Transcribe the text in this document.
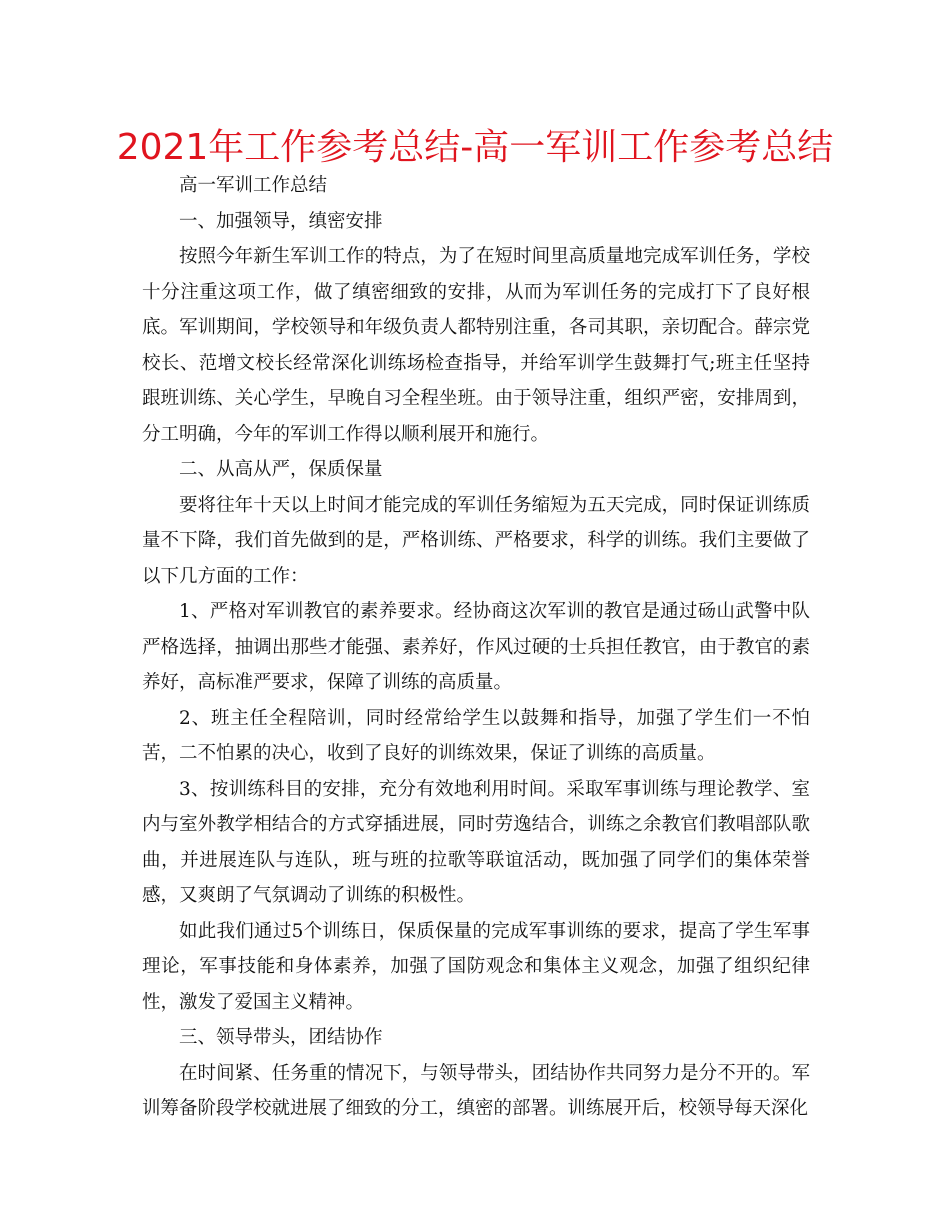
2021年工作参考总结-高一军训工作参考总结

高一军训工作总结

一、加强领导，缜密安排

按照今年新生军训工作的特点，为了在短时间里高质量地完成军训任务，学校十分注重这项工作，做了缜密细致的安排，从而为军训任务的完成打下了良好根底。军训期间，学校领导和年级负责人都特别注重，各司其职，亲切配合。薛宗党校长、范增文校长经常深化训练场检查指导，并给军训学生鼓舞打气;班主任坚持跟班训练、关心学生，早晚自习全程坐班。由于领导注重，组织严密，安排周到，分工明确，今年的军训工作得以顺利展开和施行。

二、从高从严，保质保量

要将往年十天以上时间才能完成的军训任务缩短为五天完成，同时保证训练质量不下降，我们首先做到的是，严格训练、严格要求，科学的训练。我们主要做了以下几方面的工作：

1、严格对军训教官的素养要求。经协商这次军训的教官是通过砀山武警中队严格选择，抽调出那些才能强、素养好，作风过硬的士兵担任教官，由于教官的素养好，高标准严要求，保障了训练的高质量。

2、班主任全程陪训，同时经常给学生以鼓舞和指导，加强了学生们一不怕苦，二不怕累的决心，收到了良好的训练效果，保证了训练的高质量。

3、按训练科目的安排，充分有效地利用时间。采取军事训练与理论教学、室内与室外教学相结合的方式穿插进展，同时劳逸结合，训练之余教官们教唱部队歌曲，并进展连队与连队，班与班的拉歌等联谊活动，既加强了同学们的集体荣誉感，又爽朗了气氛调动了训练的积极性。

如此我们通过5个训练日，保质保量的完成军事训练的要求，提高了学生军事理论，军事技能和身体素养，加强了国防观念和集体主义观念，加强了组织纪律性，激发了爱国主义精神。

三、领导带头，团结协作

在时间紧、任务重的情况下，与领导带头，团结协作共同努力是分不开的。军训筹备阶段学校就进展了细致的分工，缜密的部署。训练展开后，校领导每天深化
